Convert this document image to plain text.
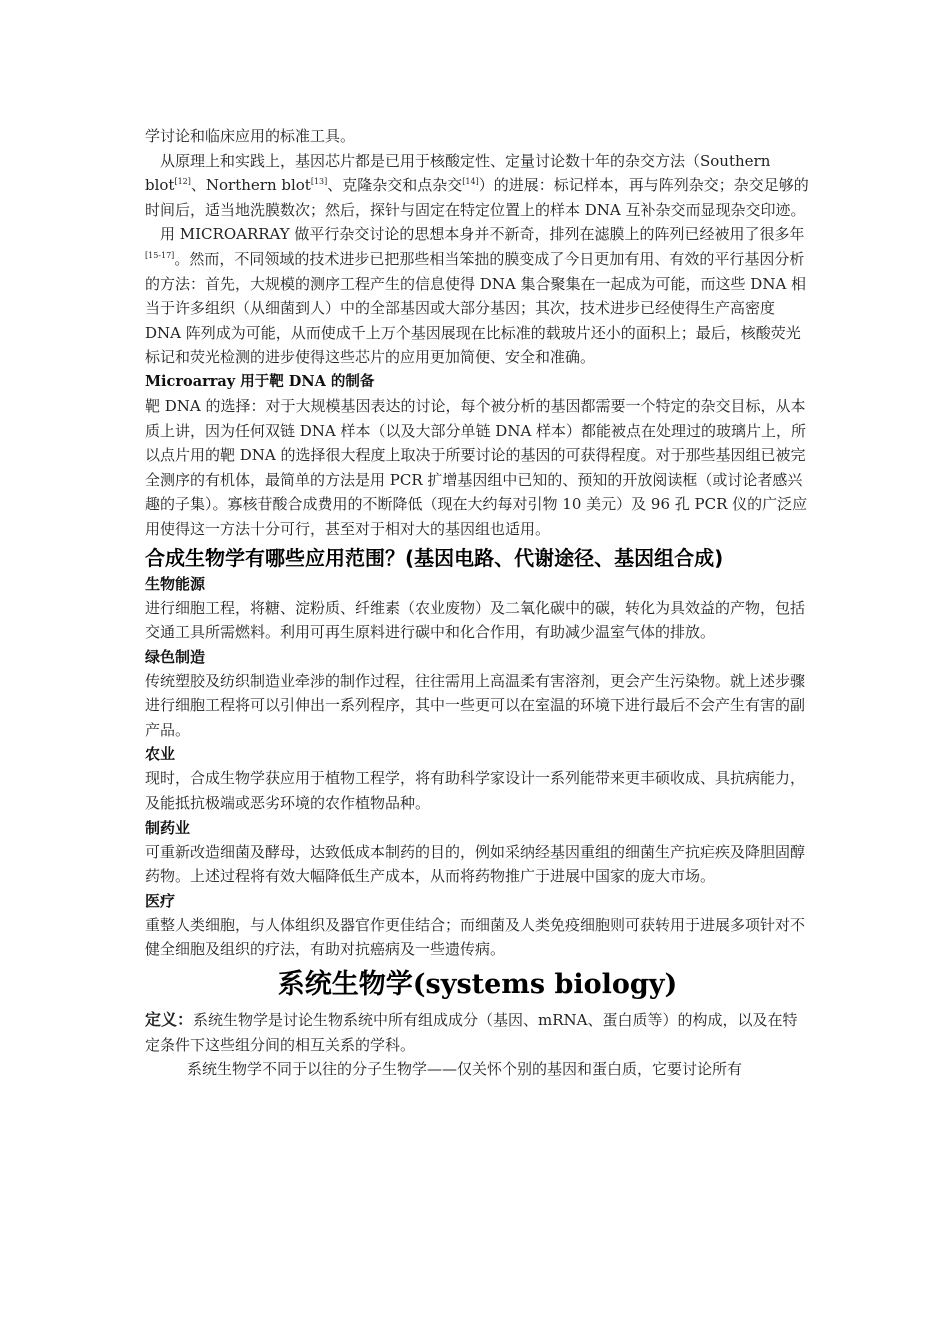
学讨论和临床应用的标准工具。

从原理上和实践上，基因芯片都是已用于核酸定性、定量讨论数十年的杂交方法（Southern blot[12]、Northern blot[13]、克隆杂交和点杂交[14]）的进展：标记样本，再与阵列杂交；杂交足够的时间后，适当地洗膜数次；然后，探针与固定在特定位置上的样本 DNA 互补杂交而显现杂交印迹。

用 MICROARRAY 做平行杂交讨论的思想本身并不新奇，排列在滤膜上的阵列已经被用了很多年[15-17]。然而，不同领域的技术进步已把那些相当笨拙的膜变成了今日更加有用、有效的平行基因分析的方法：首先，大规模的测序工程产生的信息使得 DNA 集合聚集在一起成为可能，而这些 DNA 相当于许多组织（从细菌到人）中的全部基因或大部分基因；其次，技术进步已经使得生产高密度 DNA 阵列成为可能，从而使成千上万个基因展现在比标准的载玻片还小的面积上；最后，核酸荧光标记和荧光检测的进步使得这些芯片的应用更加简便、安全和准确。

Microarray 用于靶 DNA 的制备

靶 DNA 的选择：对于大规模基因表达的讨论，每个被分析的基因都需要一个特定的杂交目标，从本质上讲，因为任何双链 DNA 样本（以及大部分单链 DNA 样本）都能被点在处理过的玻璃片上，所以点片用的靶 DNA 的选择很大程度上取决于所要讨论的基因的可获得程度。对于那些基因组已被完全测序的有机体，最简单的方法是用 PCR 扩增基因组中已知的、预知的开放阅读框（或讨论者感兴趣的子集）。寡核苷酸合成费用的不断降低（现在大约每对引物 10 美元）及 96 孔 PCR 仪的广泛应用使得这一方法十分可行，甚至对于相对大的基因组也适用。

合成生物学有哪些应用范围？(基因电路、代谢途径、基因组合成)

生物能源

进行细胞工程，将糖、淀粉质、纤维素（农业废物）及二氧化碳中的碳，转化为具效益的产物，包括交通工具所需燃料。利用可再生原料进行碳中和化合作用，有助减少温室气体的排放。

绿色制造

传统塑胶及纺织制造业牵涉的制作过程，往往需用上高温柔有害溶剂，更会产生污染物。就上述步骤进行细胞工程将可以引伸出一系列程序，其中一些更可以在室温的环境下进行最后不会产生有害的副产品。

农业

现时，合成生物学获应用于植物工程学，将有助科学家设计一系列能带来更丰硕收成、具抗病能力，及能抵抗极端或恶劣环境的农作植物品种。

制药业

可重新改造细菌及酵母，达致低成本制药的目的，例如采纳经基因重组的细菌生产抗疟疾及降胆固醇药物。上述过程将有效大幅降低生产成本，从而将药物推广于进展中国家的庞大市场。

医疗

重整人类细胞，与人体组织及器官作更佳结合；而细菌及人类免疫细胞则可获转用于进展多项针对不健全细胞及组织的疗法，有助对抗癌病及一些遗传病。

系统生物学(systems biology)

定义：系统生物学是讨论生物系统中所有组成成分（基因、mRNA、蛋白质等）的构成，以及在特定条件下这些组分间的相互关系的学科。

系统生物学不同于以往的分子生物学——仅关怀个别的基因和蛋白质，它要讨论所有
